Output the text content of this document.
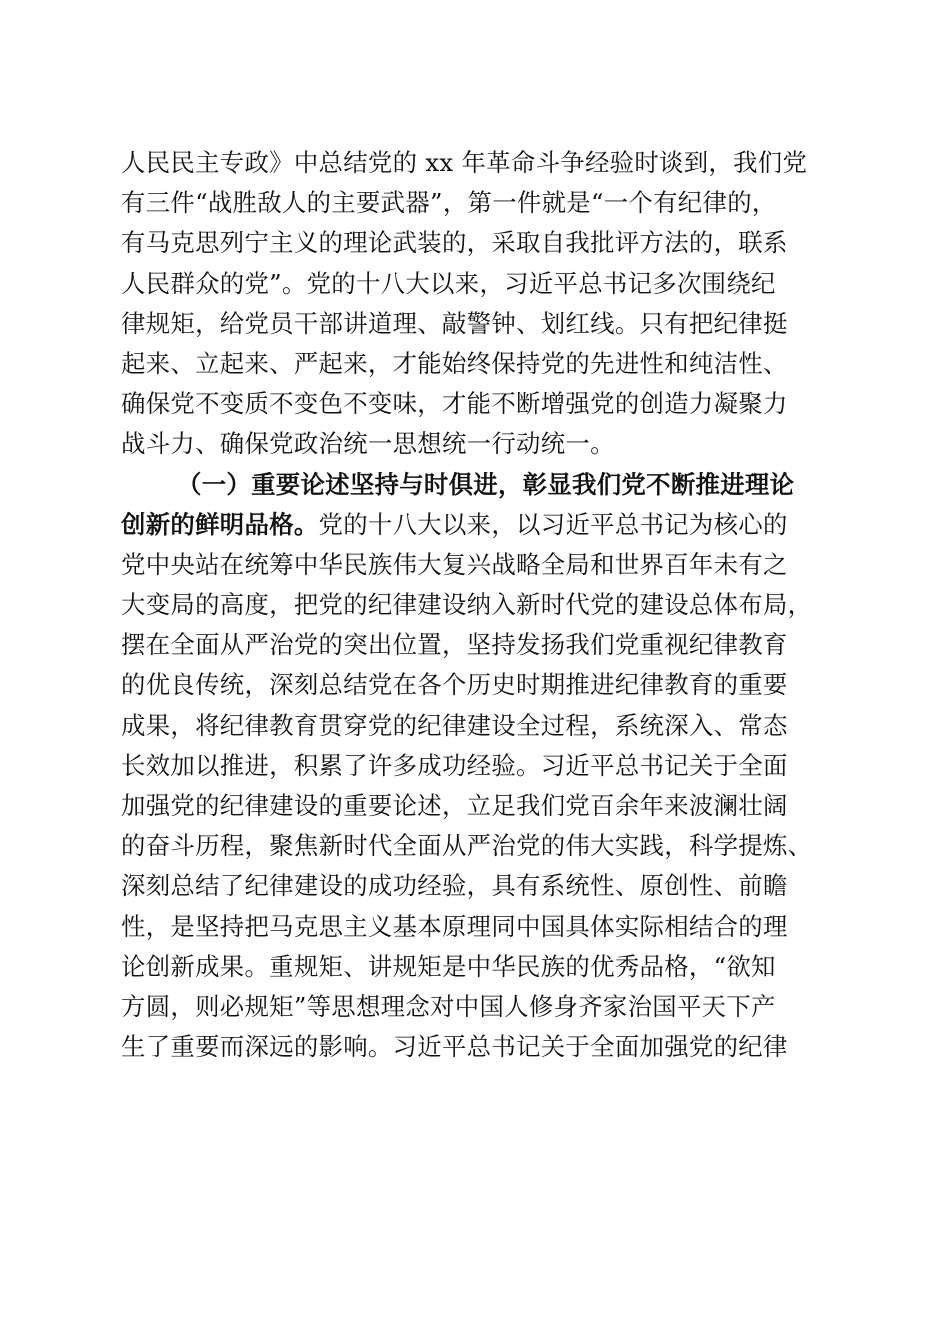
人民民主专政》中总结党的 xx 年革命斗争经验时谈到，我们党
有三件“战胜敌人的主要武器”，第一件就是“一个有纪律的，
有马克思列宁主义的理论武装的，采取自我批评方法的，联系
人民群众的党”。党的十八大以来，习近平总书记多次围绕纪
律规矩，给党员干部讲道理、敲警钟、划红线。只有把纪律挺
起来、立起来、严起来，才能始终保持党的先进性和纯洁性、
确保党不变质不变色不变味，才能不断增强党的创造力凝聚力
战斗力、确保党政治统一思想统一行动统一。
（一）重要论述坚持与时俱进，彰显我们党不断推进理论
创新的鲜明品格。党的十八大以来，以习近平总书记为核心的
党中央站在统筹中华民族伟大复兴战略全局和世界百年未有之
大变局的高度，把党的纪律建设纳入新时代党的建设总体布局，
摆在全面从严治党的突出位置，坚持发扬我们党重视纪律教育
的优良传统，深刻总结党在各个历史时期推进纪律教育的重要
成果，将纪律教育贯穿党的纪律建设全过程，系统深入、常态
长效加以推进，积累了许多成功经验。习近平总书记关于全面
加强党的纪律建设的重要论述，立足我们党百余年来波澜壮阔
的奋斗历程，聚焦新时代全面从严治党的伟大实践，科学提炼、
深刻总结了纪律建设的成功经验，具有系统性、原创性、前瞻
性，是坚持把马克思主义基本原理同中国具体实际相结合的理
论创新成果。重规矩、讲规矩是中华民族的优秀品格，“欲知
方圆，则必规矩”等思想理念对中国人修身齐家治国平天下产
生了重要而深远的影响。习近平总书记关于全面加强党的纪律
